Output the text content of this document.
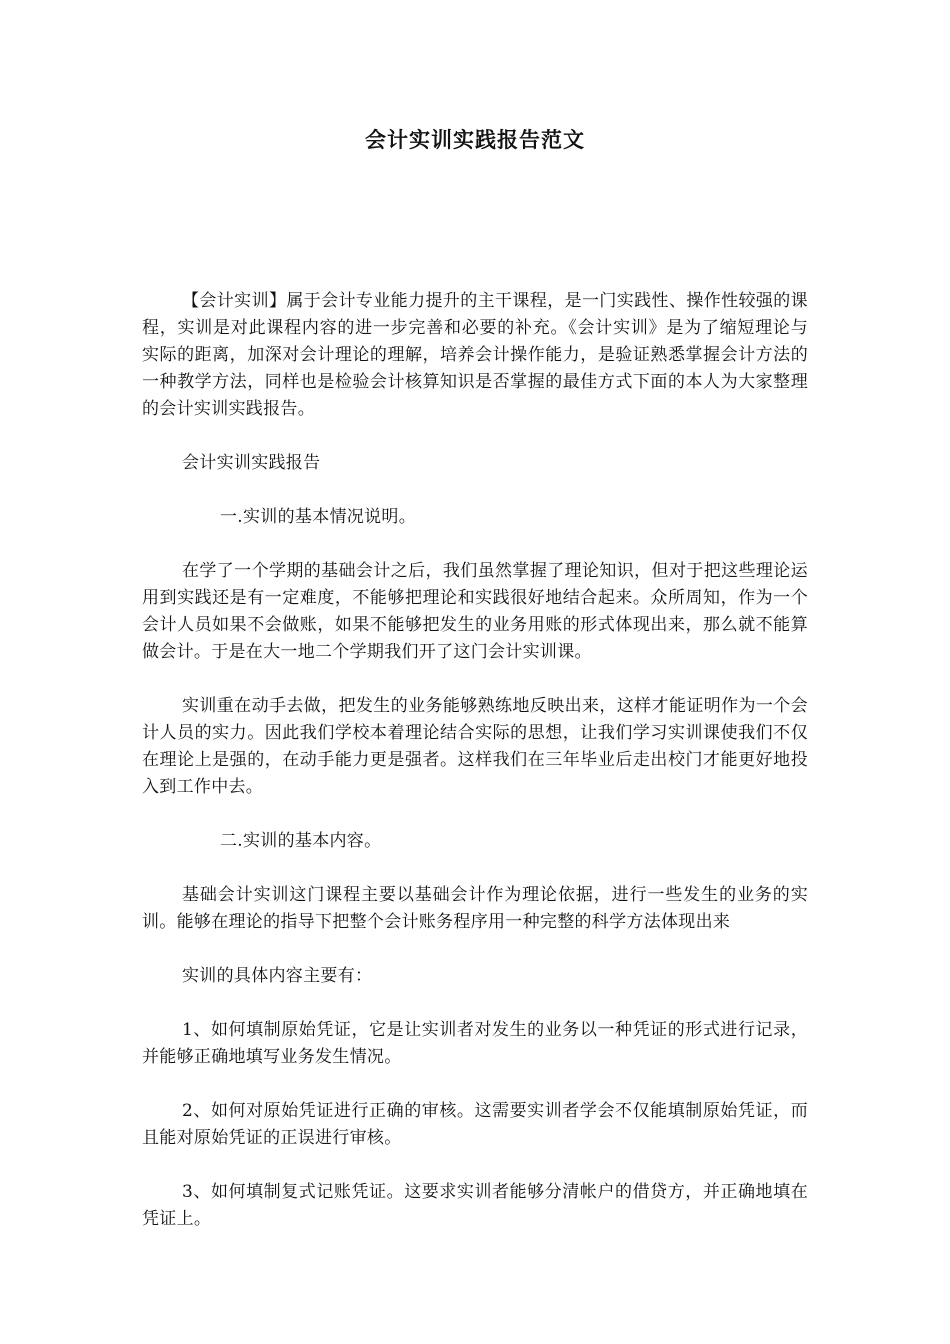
会计实训实践报告范文

【会计实训】属于会计专业能力提升的主干课程，是一门实践性、操作性较强的课程，实训是对此课程内容的进一步完善和必要的补充。《会计实训》是为了缩短理论与实际的距离，加深对会计理论的理解，培养会计操作能力，是验证熟悉掌握会计方法的一种教学方法，同样也是检验会计核算知识是否掌握的最佳方式下面的本人为大家整理的会计实训实践报告。

会计实训实践报告

一.实训的基本情况说明。

在学了一个学期的基础会计之后，我们虽然掌握了理论知识，但对于把这些理论运用到实践还是有一定难度，不能够把理论和实践很好地结合起来。众所周知，作为一个会计人员如果不会做账，如果不能够把发生的业务用账的形式体现出来，那么就不能算做会计。于是在大一地二个学期我们开了这门会计实训课。

实训重在动手去做，把发生的业务能够熟练地反映出来，这样才能证明作为一个会计人员的实力。因此我们学校本着理论结合实际的思想，让我们学习实训课使我们不仅在理论上是强的，在动手能力更是强者。这样我们在三年毕业后走出校门才能更好地投入到工作中去。

二.实训的基本内容。

基础会计实训这门课程主要以基础会计作为理论依据，进行一些发生的业务的实训。能够在理论的指导下把整个会计账务程序用一种完整的科学方法体现出来

实训的具体内容主要有：

1、如何填制原始凭证，它是让实训者对发生的业务以一种凭证的形式进行记录，并能够正确地填写业务发生情况。

2、如何对原始凭证进行正确的审核。这需要实训者学会不仅能填制原始凭证，而且能对原始凭证的正误进行审核。

3、如何填制复式记账凭证。这要求实训者能够分清帐户的借贷方，并正确地填在凭证上。
